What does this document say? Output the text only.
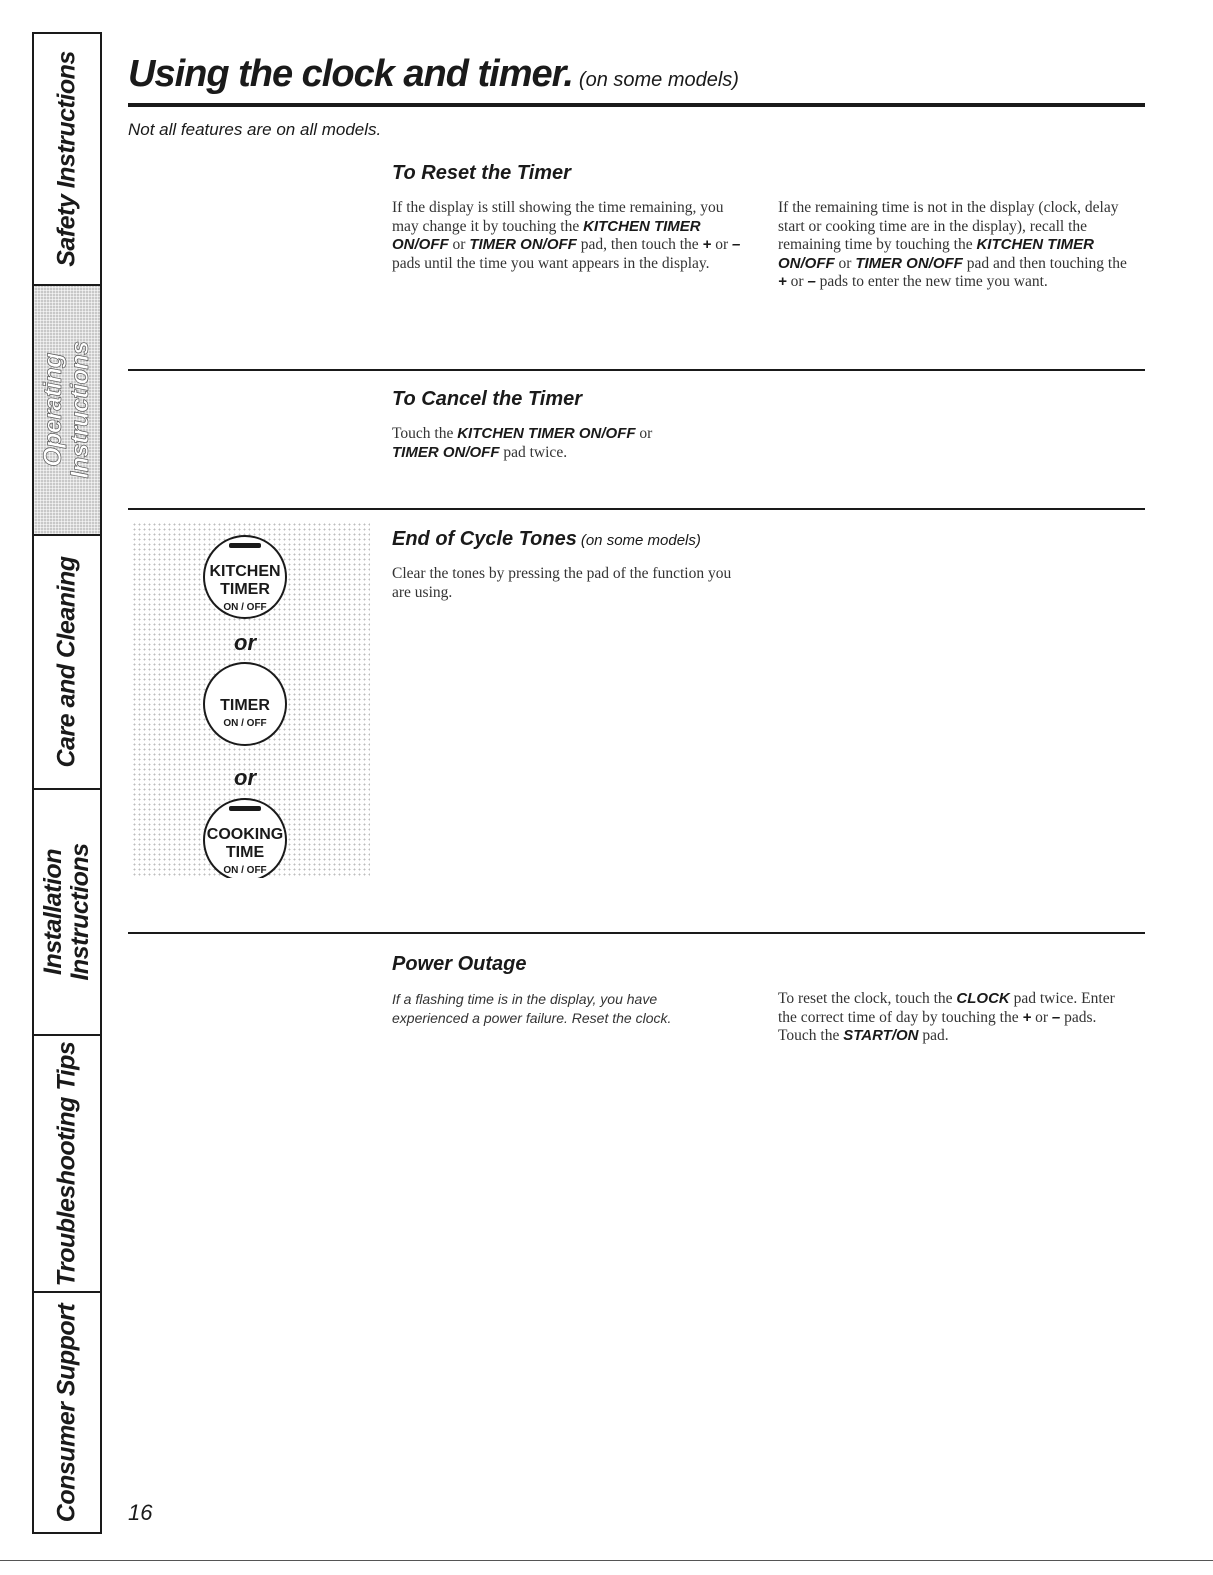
Safety Instructions
Operating Instructions
Care and Cleaning
Installation Instructions
Troubleshooting Tips
Consumer Support
Using the clock and timer. (on some models)
Not all features are on all models.
To Reset the Timer

If the display is still showing the time remaining, you may change it by touching the KITCHEN TIMER ON/OFF or TIMER ON/OFF pad, then touch the + or – pads until the time you want appears in the display.

If the remaining time is not in the display (clock, delay start or cooking time are in the display), recall the remaining time by touching the KITCHEN TIMER ON/OFF or TIMER ON/OFF pad and then touching the + or – pads to enter the new time you want.

To Cancel the Timer

Touch the KITCHEN TIMER ON/OFF or TIMER ON/OFF pad twice.

End of Cycle Tones (on some models)

Clear the tones by pressing the pad of the function you are using.

KITCHEN
TIMER
ON / OFF
or
TIMER
ON / OFF
or
COOKING
TIME
ON / OFF
Power Outage

If a flashing time is in the display, you have experienced a power failure. Reset the clock.

To reset the clock, touch the CLOCK pad twice. Enter the correct time of day by touching the + or – pads. Touch the START/ON pad.

16
